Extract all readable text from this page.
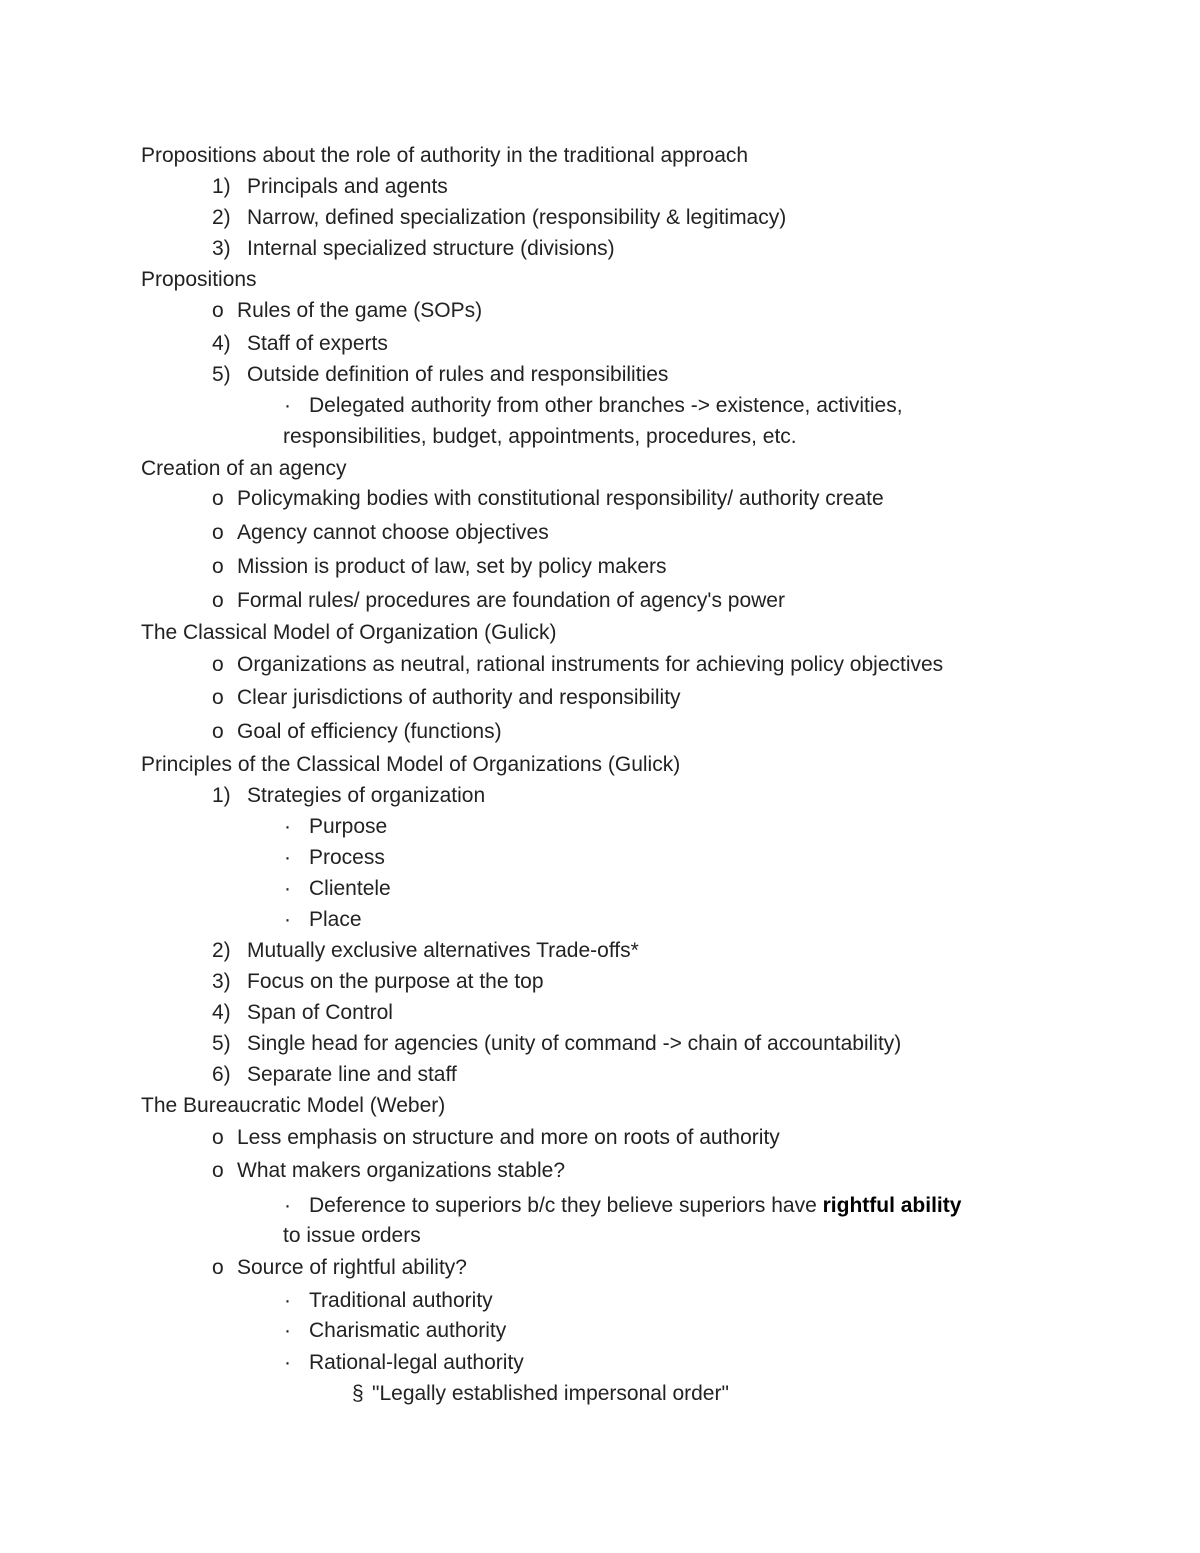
Propositions about the role of authority in the traditional approach
1) Principals and agents
2) Narrow, defined specialization (responsibility & legitimacy)
3) Internal specialized structure (divisions)
Propositions
o Rules of the game (SOPs)
4) Staff of experts
5) Outside definition of rules and responsibilities
· Delegated authority from other branches -> existence, activities,
responsibilities, budget, appointments, procedures, etc.
Creation of an agency
o Policymaking bodies with constitutional responsibility/ authority create
o Agency cannot choose objectives
o Mission is product of law, set by policy makers
o Formal rules/ procedures are foundation of agency's power
The Classical Model of Organization (Gulick)
o Organizations as neutral, rational instruments for achieving policy objectives
o Clear jurisdictions of authority and responsibility
o Goal of efficiency (functions)
Principles of the Classical Model of Organizations (Gulick)
1) Strategies of organization
· Purpose
· Process
· Clientele
· Place
2) Mutually exclusive alternatives Trade-offs*
3) Focus on the purpose at the top
4) Span of Control
5) Single head for agencies (unity of command -> chain of accountability)
6) Separate line and staff
The Bureaucratic Model (Weber)
o Less emphasis on structure and more on roots of authority
o What makers organizations stable?
· Deference to superiors b/c they believe superiors have rightful ability
to issue orders
o Source of rightful ability?
· Traditional authority
· Charismatic authority
· Rational-legal authority
§ "Legally established impersonal order"
